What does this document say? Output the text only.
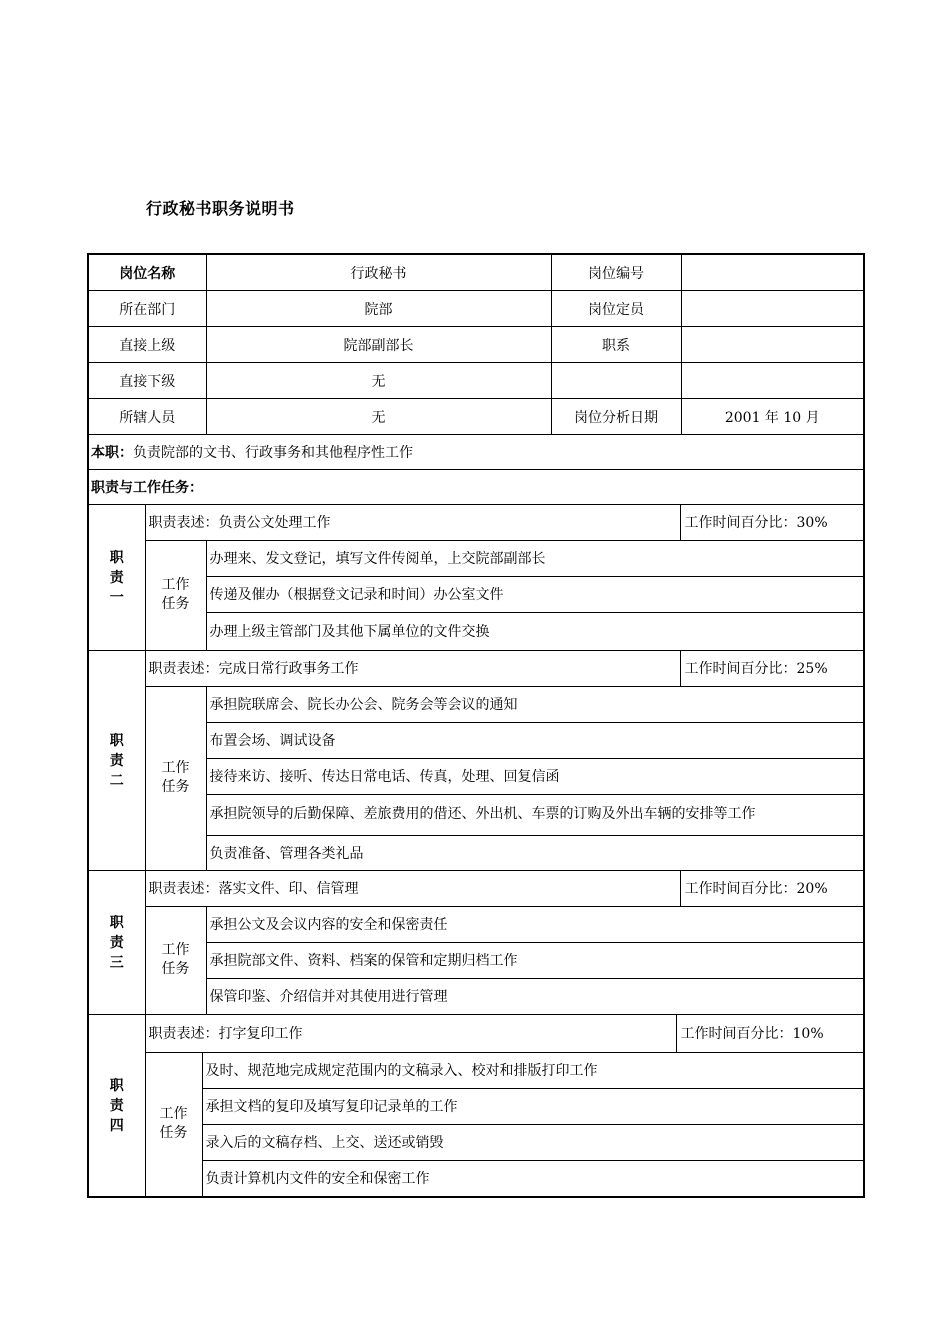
行政秘书职务说明书
岗位名称	行政秘书	岗位编号	
所在部门	院部	岗位定员	
直接上级	院部副部长	职系	
直接下级	无		
所辖人员	无	岗位分析日期	2001 年 10 月
本职：负责院部的文书、行政事务和其他程序性工作
职责与工作任务：

职
责
一
	职责表述：负责公文处理工作	工作时间百分比：30%

工作
任务
	办理来、发文登记，填写文件传阅单，上交院部副部长
传递及催办（根据登文记录和时间）办公室文件
办理上级主管部门及其他下属单位的文件交换

职
责
二
	职责表述：完成日常行政事务工作	工作时间百分比：25%

工作
任务
	承担院联席会、院长办公会、院务会等会议的通知
布置会场、调试设备
接待来访、接听、传达日常电话、传真，处理、回复信函
承担院领导的后勤保障、差旅费用的借还、外出机、车票的订购及外出车辆的安排等工作
负责准备、管理各类礼品

职
责
三
	职责表述：落实文件、印、信管理	工作时间百分比：20%

工作
任务
	承担公文及会议内容的安全和保密责任
承担院部文件、资料、档案的保管和定期归档工作
保管印鉴、介绍信并对其使用进行管理

职
责
四
	职责表述：打字复印工作	工作时间百分比：10%

工作
任务
	及时、规范地完成规定范围内的文稿录入、校对和排版打印工作
承担文档的复印及填写复印记录单的工作
录入后的文稿存档、上交、送还或销毁
负责计算机内文件的安全和保密工作
